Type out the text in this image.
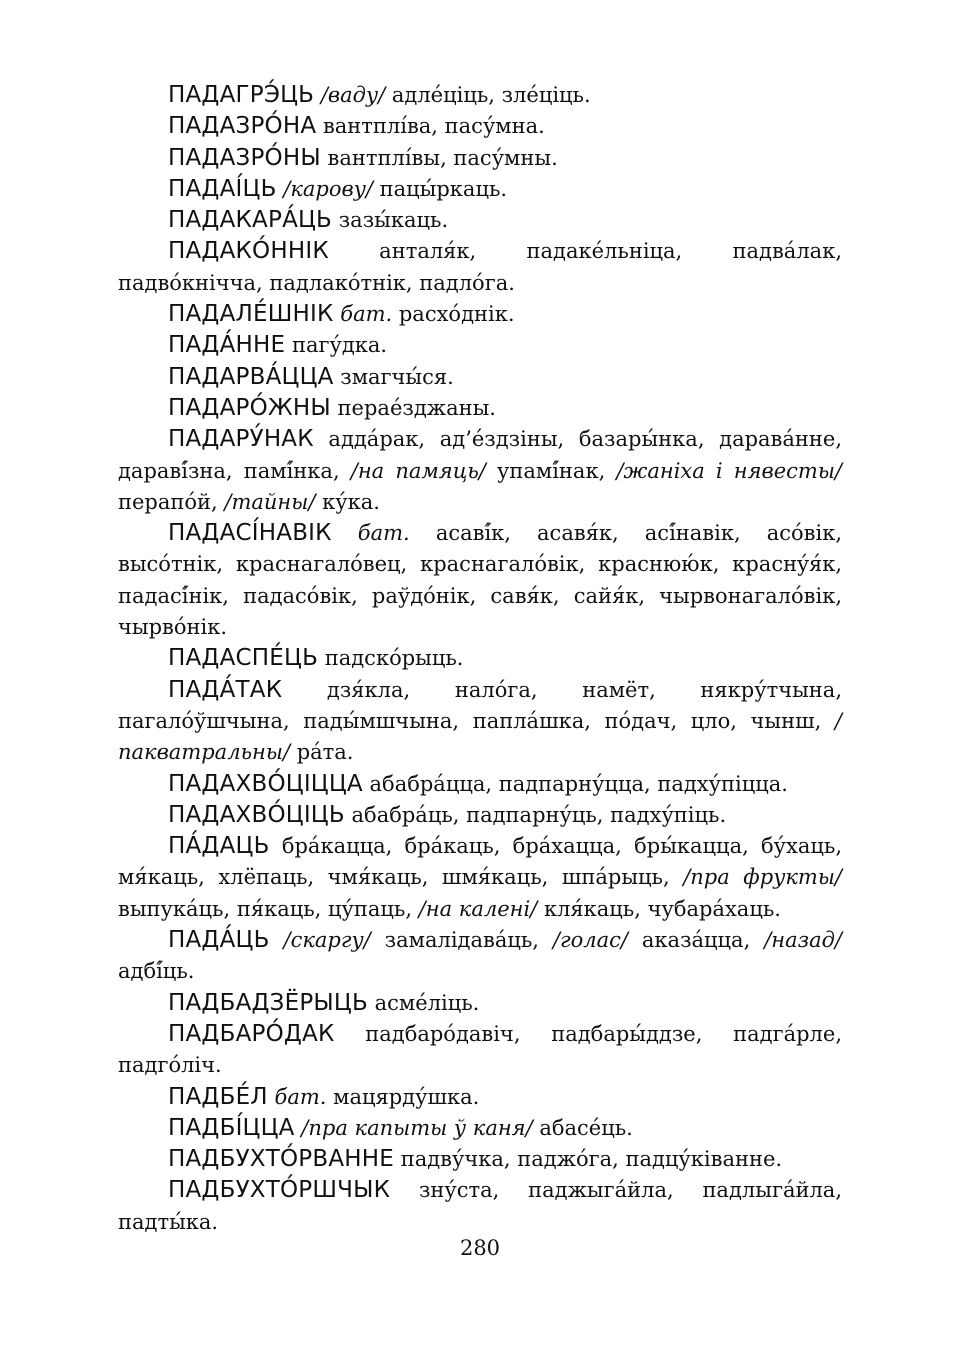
ПАДАГРЭ́ЦЬ /ваду/ адле́ціць, зле́ціць.

ПАДАЗРО́НА вантплі́ва, пасу́мна.

ПАДАЗРО́НЫ вантплі́вы, пасу́мны.

ПАДАІ́ЦЬ /карову/ пацы́ркаць.

ПАДАКАРА́ЦЬ зазы́каць.

ПАДАКО́ННІК анталя́к, падаке́льніца, падва́лак, падво́кнічча, падлако́тнік, падло́га.

ПАДАЛЕ́ШНІК бат. расхо́днік.

ПАДА́ННЕ пагу́дка.

ПАДАРВА́ЦЦА змагчы́ся.

ПАДАРО́ЖНЫ перае́зджаны.

ПАДАРУ́НАК адда́рак, ад’е́здзіны, базары́нка, дарава́нне, даравí́зна, памí́нка, /на памяць/ упамí́нак, /жаніха і нявесты/ перапо́й, /тайны/ ку́ка.

ПАДАСІ́НАВІК бат. асавí́к, асавя́к, асí́навік, асо́вік, высо́тнік, краснагало́вец, краснагало́вік, краснюю́к, краснýя́к, падасí́нік, падасо́вік, раўдо́нік, савя́к, сайя́к, чырвонагало́вік, чырво́нік.

ПАДАСПЕ́ЦЬ падско́рыць.

ПАДА́ТАК дзя́кла, нало́га, намёт, някру́тчына, пагало́ўшчына, пады́мшчына, папла́шка, по́дач, цло, чынш, /пакватральны/ ра́та.

ПАДАХВО́ЦІЦЦА абабра́цца, падпарну́цца, падху́піцца.

ПАДАХВО́ЦІЦЬ абабра́ць, падпарну́ць, падху́піць.

ПА́ДАЦЬ бра́кацца, бра́каць, бра́хацца, бры́кацца, бу́хаць, мя́каць, хлёпаць, чмя́каць, шмя́каць, шпа́рыць, /пра фрукты/ выпука́ць, пя́каць, цу́паць, /на калені/ кля́каць, чубара́хаць.

ПАДА́ЦЬ /скаргу/ замалідава́ць, /голас/ аказа́цца, /назад/ адбí́ць.

ПАДБАДЗЁРЫЦЬ асме́ліць.

ПАДБАРО́ДАК падбаро́давіч, падбары́ддзе, падга́рле, падго́ліч.

ПАДБЕ́Л бат. мацярду́шка.

ПАДБІ́ЦЦА /пра капыты ў каня/ абасе́ць.

ПАДБУХТО́РВАННЕ падву́чка, паджо́га, падцу́ківанне.

ПАДБУХТО́РШЧЫК зну́ста, паджыга́йла, падлыга́йла, падты́ка.

280
